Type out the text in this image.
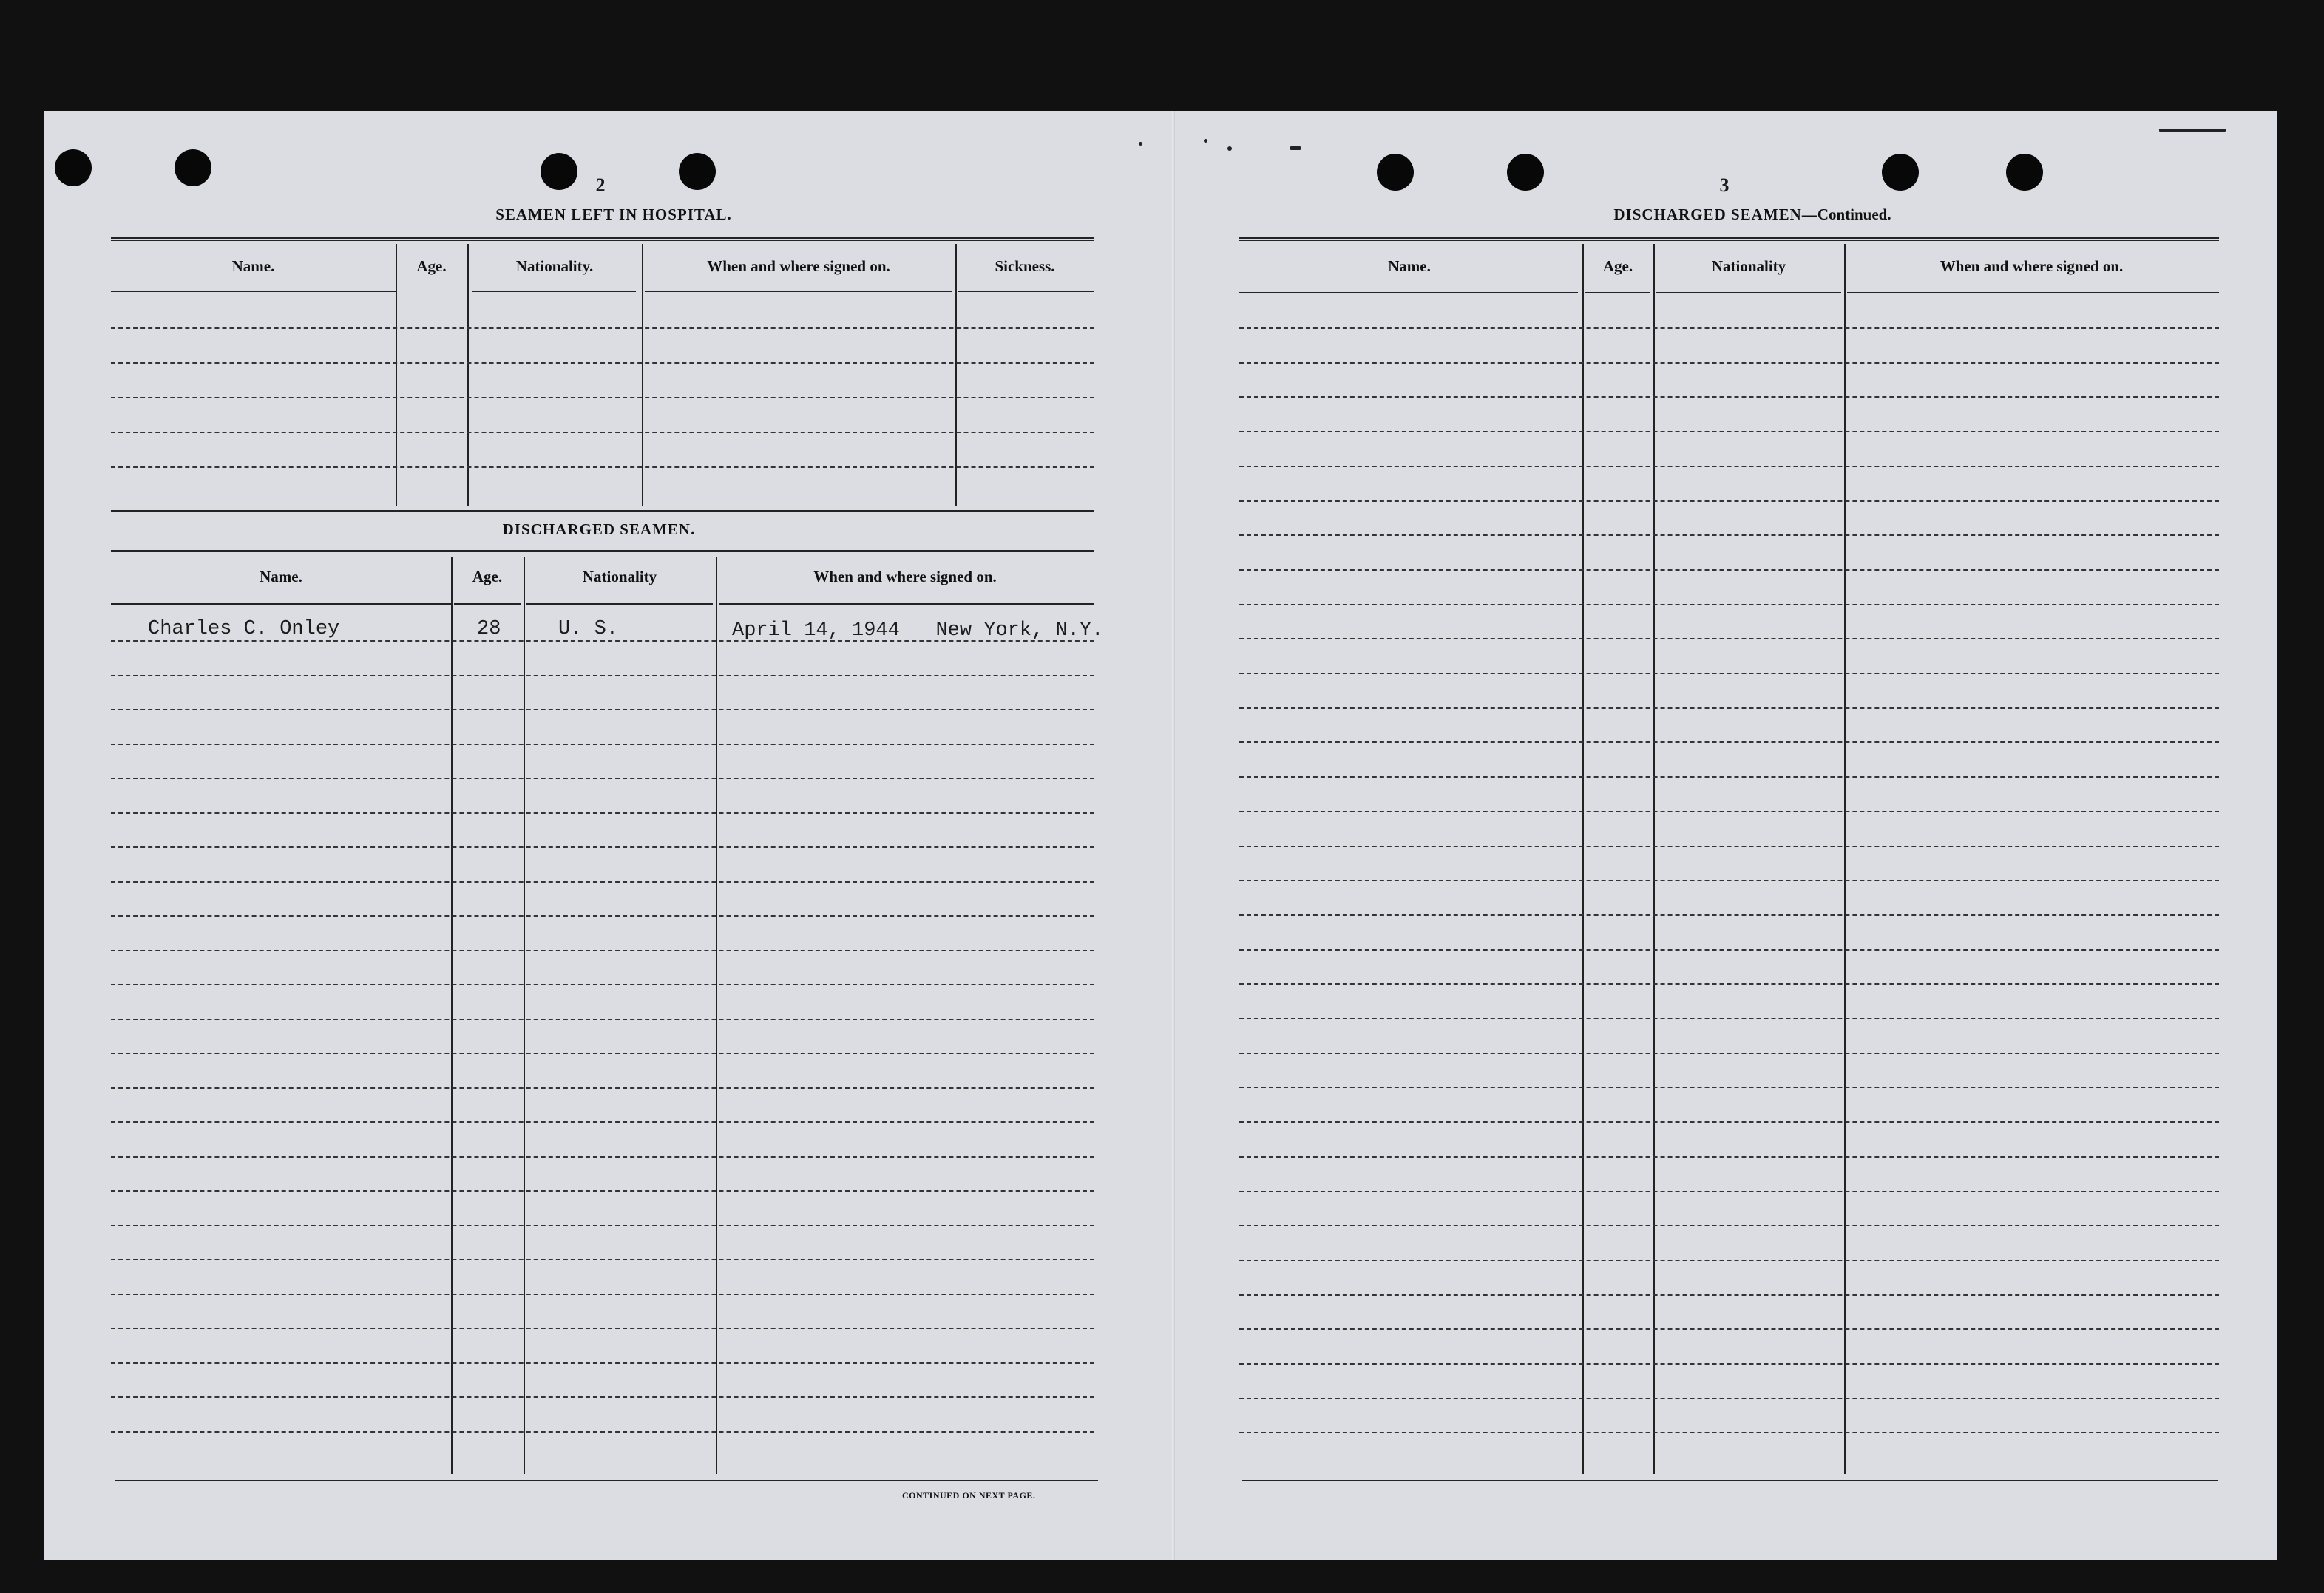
2
SEAMEN LEFT IN HOSPITAL.
Name.	Age.	Nationality.	When and where signed on.	Sickness.
DISCHARGED SEAMEN.
Name.	Age.	Nationality	When and where signed on.
Charles C. Onley	28	U. S.	April 14, 1944   New York, N.Y.
CONTINUED ON NEXT PAGE.
3
DISCHARGED SEAMEN—Continued.
Name.	Age.	Nationality	When and where signed on.
